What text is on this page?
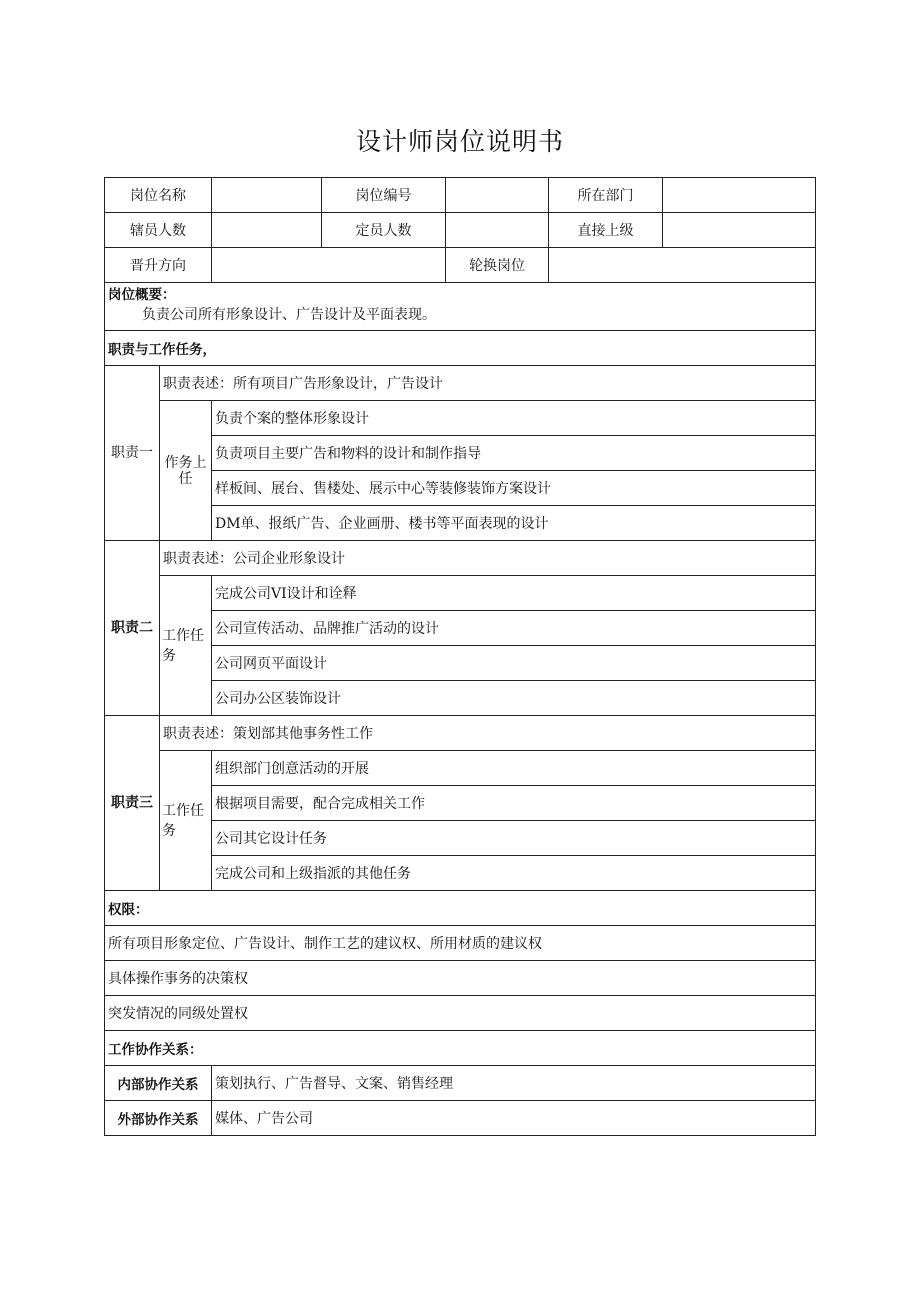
设计师岗位说明书
岗位名称			岗位编号		所在部门	
辖员人数			定员人数		直接上级	
晋升方向				轮换岗位		

岗位概要：
负责公司所有形象设计、广告设计及平面表现。						

职责与工作任务，						
职责一	职责表述：所有项目广告形象设计，广告设计					
	作务上任	负责个案的整体形象设计				
		负责项目主要广告和物料的设计和制作指导				
		样板间、展台、售楼处、展示中心等装修装饰方案设计				
		DM单、报纸广告、企业画册、楼书等平面表现的设计				
职责二	职责表述：公司企业形象设计					
	工作任务	完成公司VI设计和诠释				
		公司宣传活动、品牌推广活动的设计				
		公司网页平面设计				
		公司办公区装饰设计				
职责三	职责表述：策划部其他事务性工作					
	工作任务	组织部门创意活动的开展				
		根据项目需要，配合完成相关工作				
		公司其它设计任务				
		完成公司和上级指派的其他任务				
权限：						
所有项目形象定位、广告设计、制作工艺的建议权、所用材质的建议权						
具体操作事务的决策权						
突发情况的同级处置权						
工作协作关系：						
内部协作关系		策划执行、广告督导、文案、销售经理				
外部协作关系		媒体、广告公司				
